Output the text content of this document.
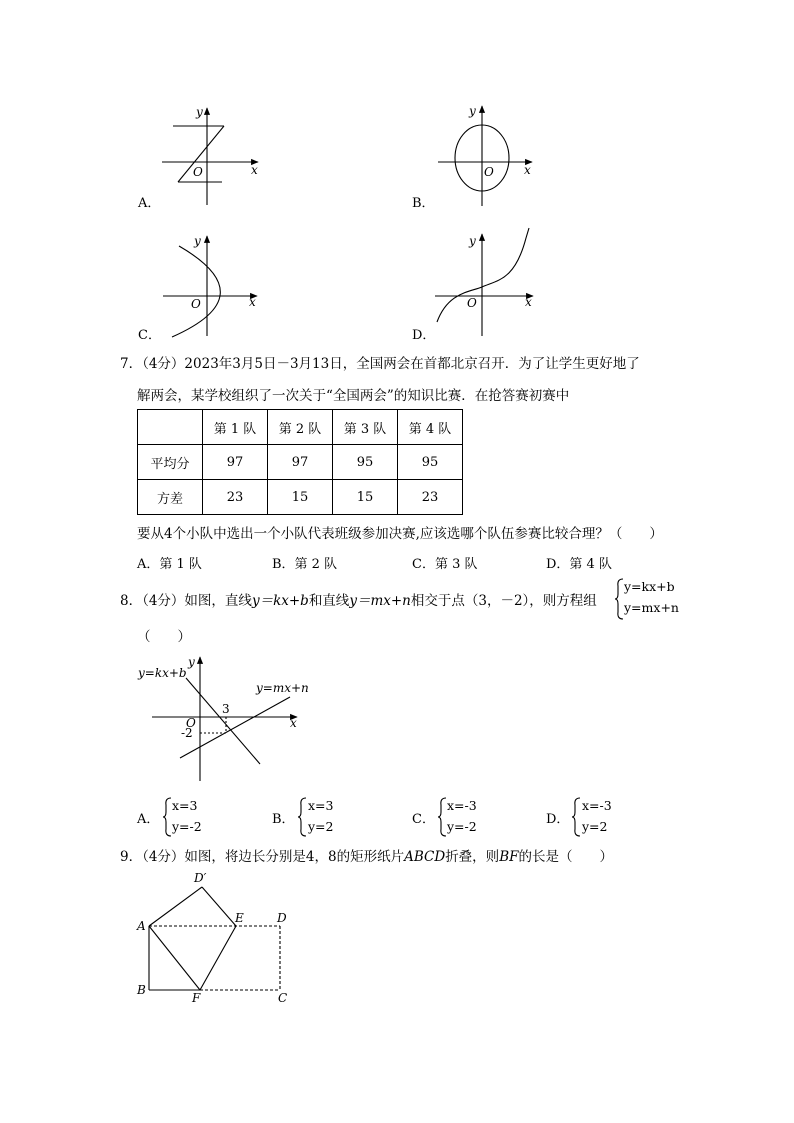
y
x
O
A．
y
x
O
B．
y
x
O
C．
y
x
O
D．
7．（4分）2023年3月5日－3月13日，全国两会在首都北京召开．为了让学生更好地了
解两会，某学校组织了一次关于“全国两会”的知识比赛．在抢答赛初赛中
	第 1 队	第 2 队	第 3 队	第 4 队
平均分	97	97	95	95
方差	23	15	15	23
要从4个小队中选出一个小队代表班级参加决赛,应该选哪个队伍参赛比较合理？（　　）
A．第 1 队	B．第 2 队	C．第 3 队	D．第 4 队
8．（4分）如图，直线y＝kx+b和直线y＝mx+n相交于点（3，－2），则方程组
y=kx+b
y=mx+n
（　　）
y=kx+b
y=mx+n
y
x
O
3
-2
A．
x=3
y=-2	B．
x=3
y=2	C．
x=-3
y=-2	D．
x=-3
y=2
9．（4分）如图，将边长分别是4，8的矩形纸片ABCD折叠，则BF的长是（　　）
D′
A
E	D
B
F	C
